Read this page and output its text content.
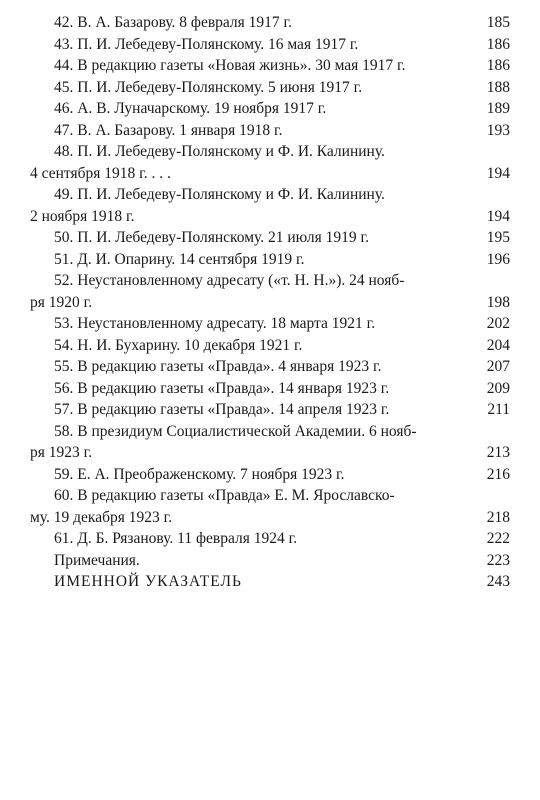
42. В. А. Базарову. 8 февраля 1917 г.	185
43. П. И. Лебедеву-Полянскому. 16 мая 1917 г.	186
44. В редакцию газеты «Новая жизнь». 30 мая 1917 г.	186
45. П. И. Лебедеву-Полянскому. 5 июня 1917 г.	188
46. А. В. Луначарскому. 19 ноября 1917 г.	189
47. В. А. Базарову. 1 января 1918 г.	193
48. П. И. Лебедеву-Полянскому и Ф. И. Калинину.
4 сентября 1918 г. . . .	194
49. П. И. Лебедеву-Полянскому и Ф. И. Калинину.
2 ноября 1918 г.	194
50. П. И. Лебедеву-Полянскому. 21 июля 1919 г.	195
51. Д. И. Опарину. 14 сентября 1919 г.	196
52. Неустановленному адресату («т. Н. Н.»). 24 нояб-
ря 1920 г.	198
53. Неустановленному адресату. 18 марта 1921 г.	202
54. Н. И. Бухарину. 10 декабря 1921 г.	204
55. В редакцию газеты «Правда». 4 января 1923 г.	207
56. В редакцию газеты «Правда». 14 января 1923 г.	209
57. В редакцию газеты «Правда». 14 апреля 1923 г.	211
58. В президиум Социалистической Академии. 6 нояб-
ря 1923 г.	213
59. Е. А. Преображенскому. 7 ноября 1923 г.	216
60. В редакцию газеты «Правда» Е. М. Ярославско-
му. 19 декабря 1923 г.	218
61. Д. Б. Рязанову. 11 февраля 1924 г.	222
Примечания.	223
ИМЕННОЙ УКАЗАТЕЛЬ	243
